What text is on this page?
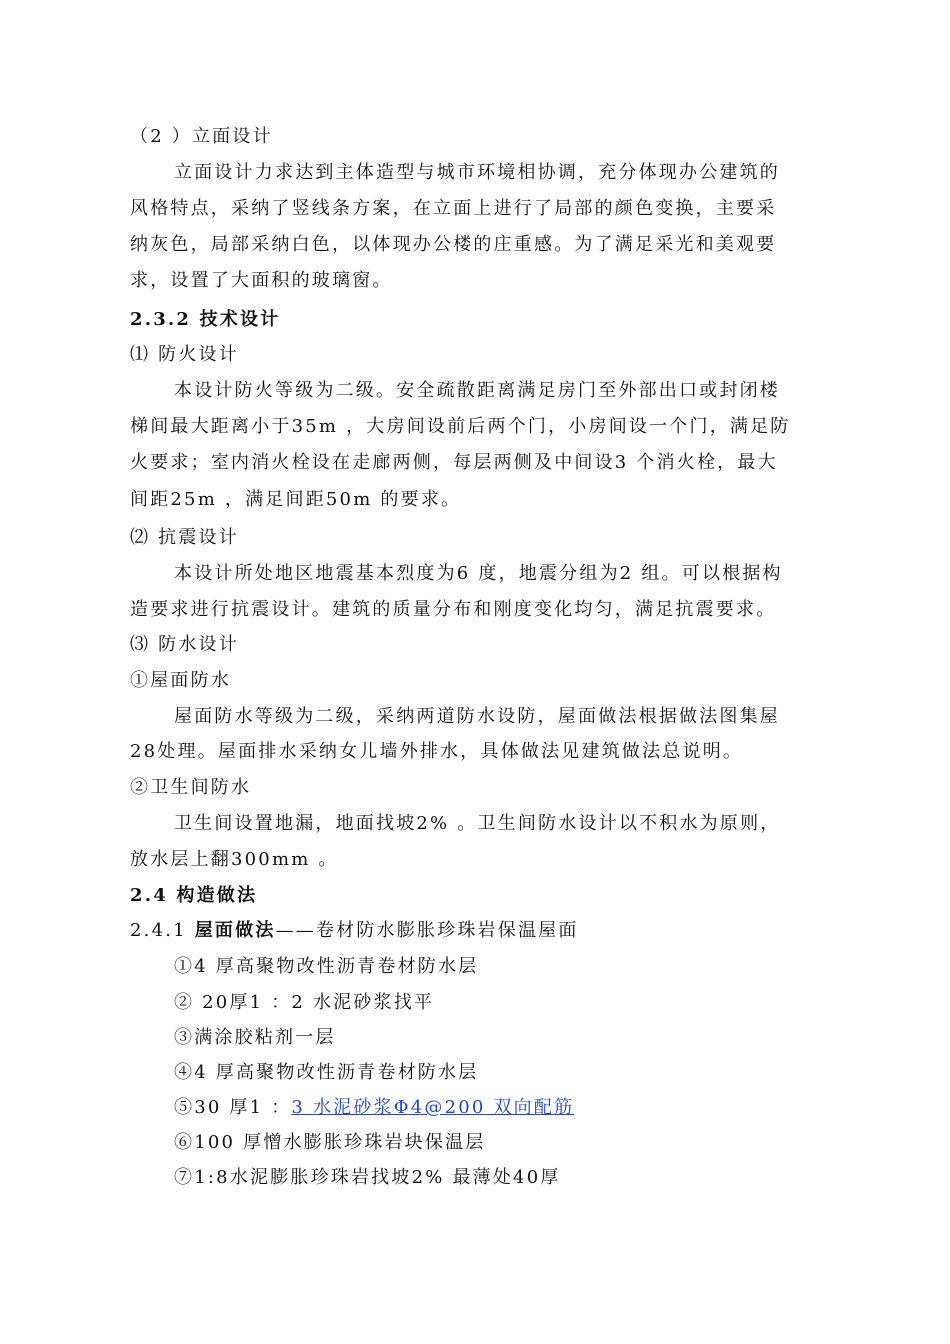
（2 ）立面设计
立面设计力求达到主体造型与城市环境相协调，充分体现办公建筑的
风格特点，采纳了竖线条方案，在立面上进行了局部的颜色变换，主要采
纳灰色，局部采纳白色，以体现办公楼的庄重感。为了满足采光和美观要
求，设置了大面积的玻璃窗。
2.3.2 技术设计
⑴ 防火设计
本设计防火等级为二级。安全疏散距离满足房门至外部出口或封闭楼
梯间最大距离小于35m ，大房间设前后两个门，小房间设一个门，满足防
火要求；室内消火栓设在走廊两侧，每层两侧及中间设3 个消火栓，最大
间距25m ，满足间距50m 的要求。
⑵ 抗震设计
本设计所处地区地震基本烈度为6 度，地震分组为2 组。可以根据构
造要求进行抗震设计。建筑的质量分布和刚度变化均匀，满足抗震要求。
⑶ 防水设计
①屋面防水
屋面防水等级为二级，采纳两道防水设防，屋面做法根据做法图集屋
28处理。屋面排水采纳女儿墙外排水，具体做法见建筑做法总说明。
②卫生间防水
卫生间设置地漏，地面找坡2% 。卫生间防水设计以不积水为原则，
放水层上翻300mm 。
2.4 构造做法
2.4.1 屋面做法——卷材防水膨胀珍珠岩保温屋面
①4 厚高聚物改性沥青卷材防水层
② 20厚1 ：2 水泥砂浆找平
③满涂胶粘剂一层
④4 厚高聚物改性沥青卷材防水层
⑤30 厚1 ：3 水泥砂浆Φ4@200 双向配筋
⑥100 厚憎水膨胀珍珠岩块保温层
⑦1:8水泥膨胀珍珠岩找坡2% 最薄处40厚
